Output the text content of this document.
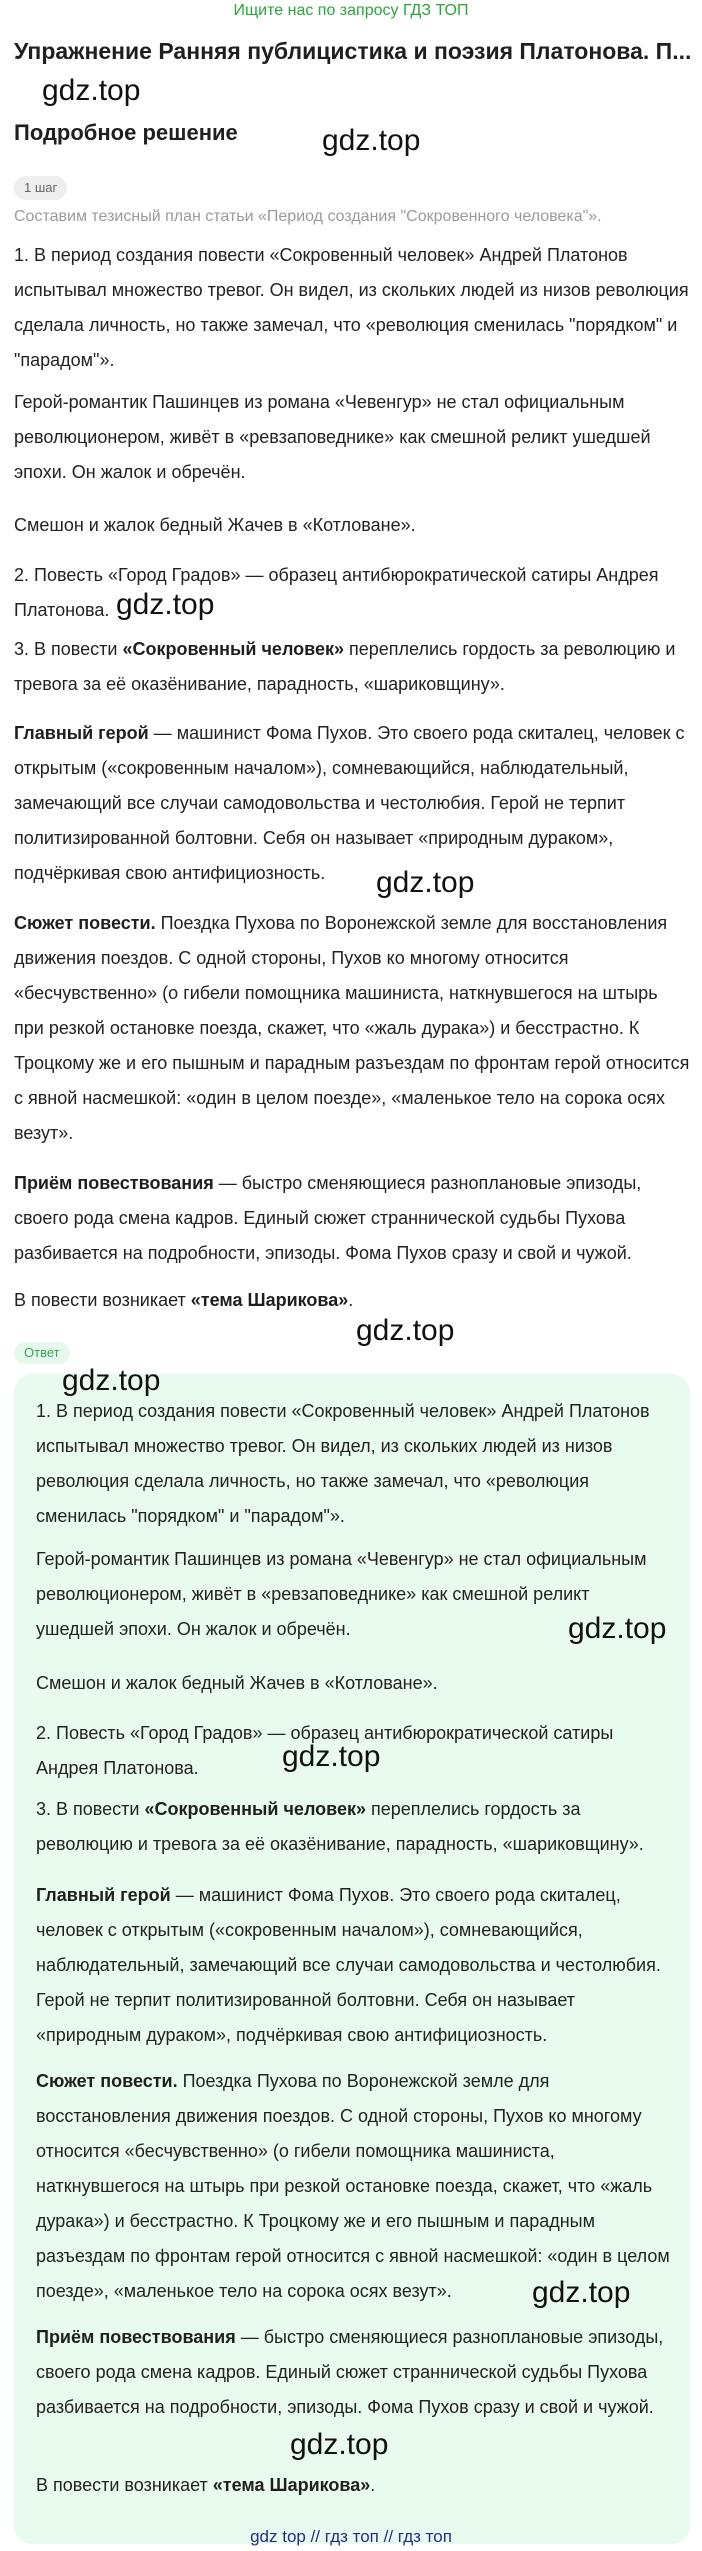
Ищите нас по запросу ГДЗ ТОП
Упражнение Ранняя публицистика и поэзия Платонова. П...
gdz.top
Подробное решение	gdz.top
1 шаг
Составим тезисный план статьи «Период создания "Сокровенного человека"».
1. В период создания повести «Сокровенный человек» Андрей Платонов испытывал множество тревог. Он видел, из скольких людей из низов революция сделала личность, но также замечал, что «революция сменилась "порядком" и "парадом"».
Герой-романтик Пашинцев из романа «Чевенгур» не стал официальным революционером, живёт в «ревзаповеднике» как смешной реликт ушедшей эпохи. Он жалок и обречён.
Смешон и жалок бедный Жачев в «Котловане».
2. Повесть «Город Градов» — образец антибюрократической сатиры Андрея Платонова. gdz.top
3. В повести «Сокровенный человек» переплелись гордость за революцию и тревога за её оказёнивание, парадность, «шариковщину».
Главный герой — машинист Фома Пухов. Это своего рода скиталец, человек с открытым («сокровенным началом»), сомневающийся, наблюдательный, замечающий все случаи самодовольства и честолюбия. Герой не терпит политизированной болтовни. Себя он называет «природным дураком», подчёркивая свою антифициозность.	gdz.top
Сюжет повести. Поездка Пухова по Воронежской земле для восстановления движения поездов. С одной стороны, Пухов ко многому относится «бесчувственно» (о гибели помощника машиниста, наткнувшегося на штырь при резкой остановке поезда, скажет, что «жаль дурака») и бесстрастно. К Троцкому же и его пышным и парадным разъездам по фронтам герой относится с явной насмешкой: «один в целом поезде», «маленькое тело на сорока осях везут».
Приём повествования — быстро сменяющиеся разноплановые эпизоды, своего рода смена кадров. Единый сюжет страннической судьбы Пухова разбивается на подробности, эпизоды. Фома Пухов сразу и свой и чужой.
В повести возникает «тема Шарикова».
gdz.top
Ответ
gdz.top
1. В период создания повести «Сокровенный человек» Андрей Платонов испытывал множество тревог. Он видел, из скольких людей из низов революция сделала личность, но также замечал, что «революция сменилась "порядком" и "парадом"».
Герой-романтик Пашинцев из романа «Чевенгур» не стал официальным революционером, живёт в «ревзаповеднике» как смешной реликт ушедшей эпохи. Он жалок и обречён.	gdz.top
Смешон и жалок бедный Жачев в «Котловане».
2. Повесть «Город Градов» — образец антибюрократической сатиры Андрея Платонова.	gdz.top
3. В повести «Сокровенный человек» переплелись гордость за революцию и тревога за её оказёнивание, парадность, «шариковщину».
Главный герой — машинист Фома Пухов. Это своего рода скиталец, человек с открытым («сокровенным началом»), сомневающийся, наблюдательный, замечающий все случаи самодовольства и честолюбия. Герой не терпит политизированной болтовни. Себя он называет «природным дураком», подчёркивая свою антифициозность.
Сюжет повести. Поездка Пухова по Воронежской земле для восстановления движения поездов. С одной стороны, Пухов ко многому относится «бесчувственно» (о гибели помощника машиниста, наткнувшегося на штырь при резкой остановке поезда, скажет, что «жаль дурака») и бесстрастно. К Троцкому же и его пышным и парадным разъездам по фронтам герой относится с явной насмешкой: «один в целом поезде», «маленькое тело на сорока осях везут».	gdz.top
Приём повествования — быстро сменяющиеся разноплановые эпизоды, своего рода смена кадров. Единый сюжет страннической судьбы Пухова разбивается на подробности, эпизоды. Фома Пухов сразу и свой и чужой.
gdz.top
В повести возникает «тема Шарикова».
gdz top // гдз топ // гдз топ
